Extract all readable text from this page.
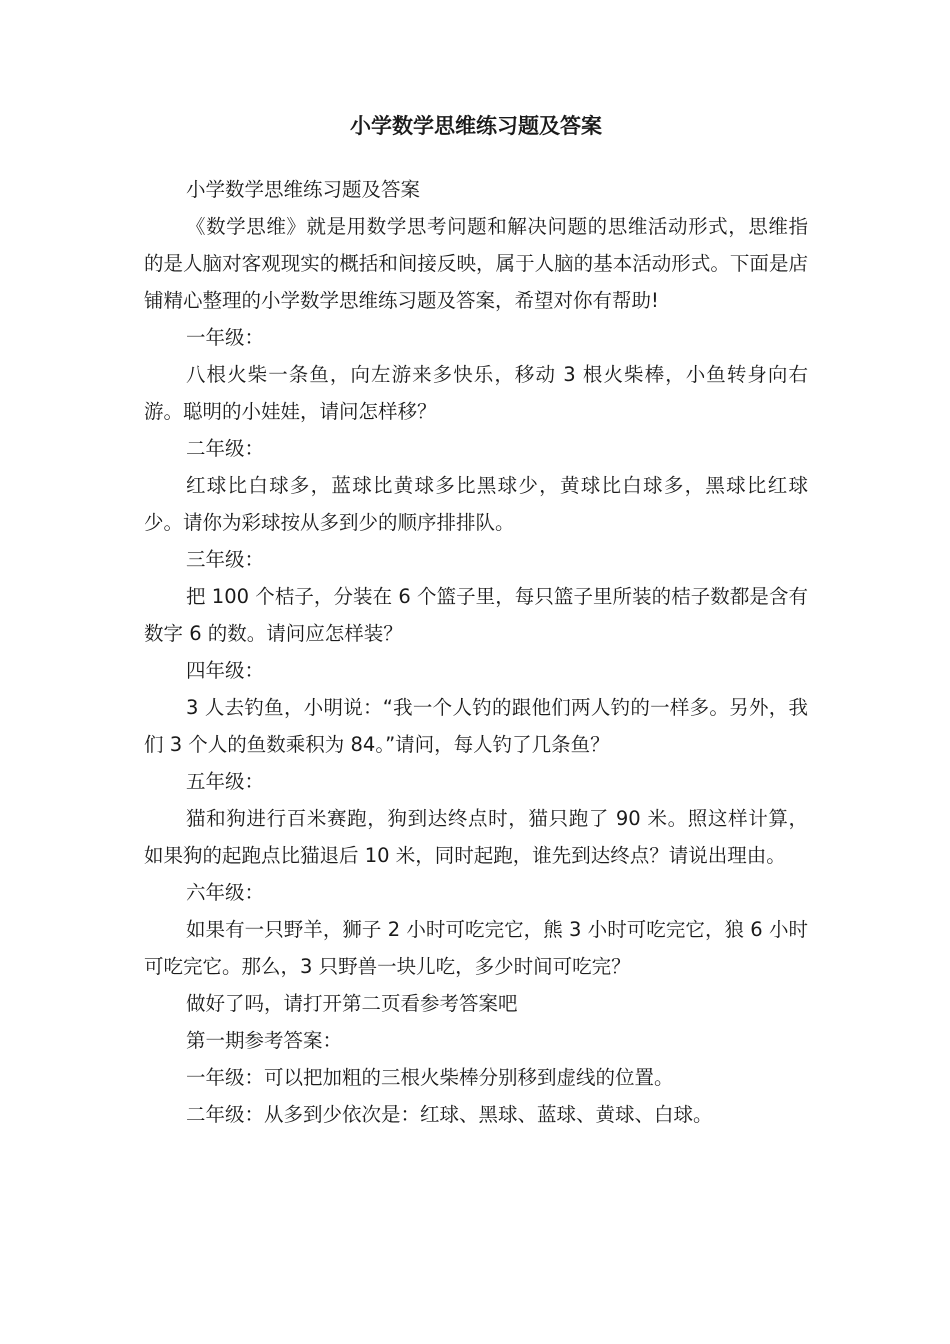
小学数学思维练习题及答案

小学数学思维练习题及答案

《数学思维》就是用数学思考问题和解决问题的思维活动形式，思维指的是人脑对客观现实的概括和间接反映，属于人脑的基本活动形式。下面是店铺精心整理的小学数学思维练习题及答案，希望对你有帮助!

一年级：

八根火柴一条鱼，向左游来多快乐，移动 3 根火柴棒，小鱼转身向右游。聪明的小娃娃，请问怎样移？

二年级：

红球比白球多，蓝球比黄球多比黑球少，黄球比白球多，黑球比红球少。请你为彩球按从多到少的顺序排排队。

三年级：

把 100 个桔子，分装在 6 个篮子里，每只篮子里所装的桔子数都是含有数字 6 的数。请问应怎样装？

四年级：

3 人去钓鱼，小明说：“我一个人钓的跟他们两人钓的一样多。另外，我们 3 个人的鱼数乘积为 84。”请问，每人钓了几条鱼？

五年级：

猫和狗进行百米赛跑，狗到达终点时，猫只跑了 90 米。照这样计算，如果狗的起跑点比猫退后 10 米，同时起跑，谁先到达终点？请说出理由。

六年级：

如果有一只野羊，狮子 2 小时可吃完它，熊 3 小时可吃完它，狼 6 小时可吃完它。那么，3 只野兽一块儿吃，多少时间可吃完？

做好了吗，请打开第二页看参考答案吧

第一期参考答案：

一年级：可以把加粗的三根火柴棒分别移到虚线的位置。

二年级：从多到少依次是：红球、黑球、蓝球、黄球、白球。
